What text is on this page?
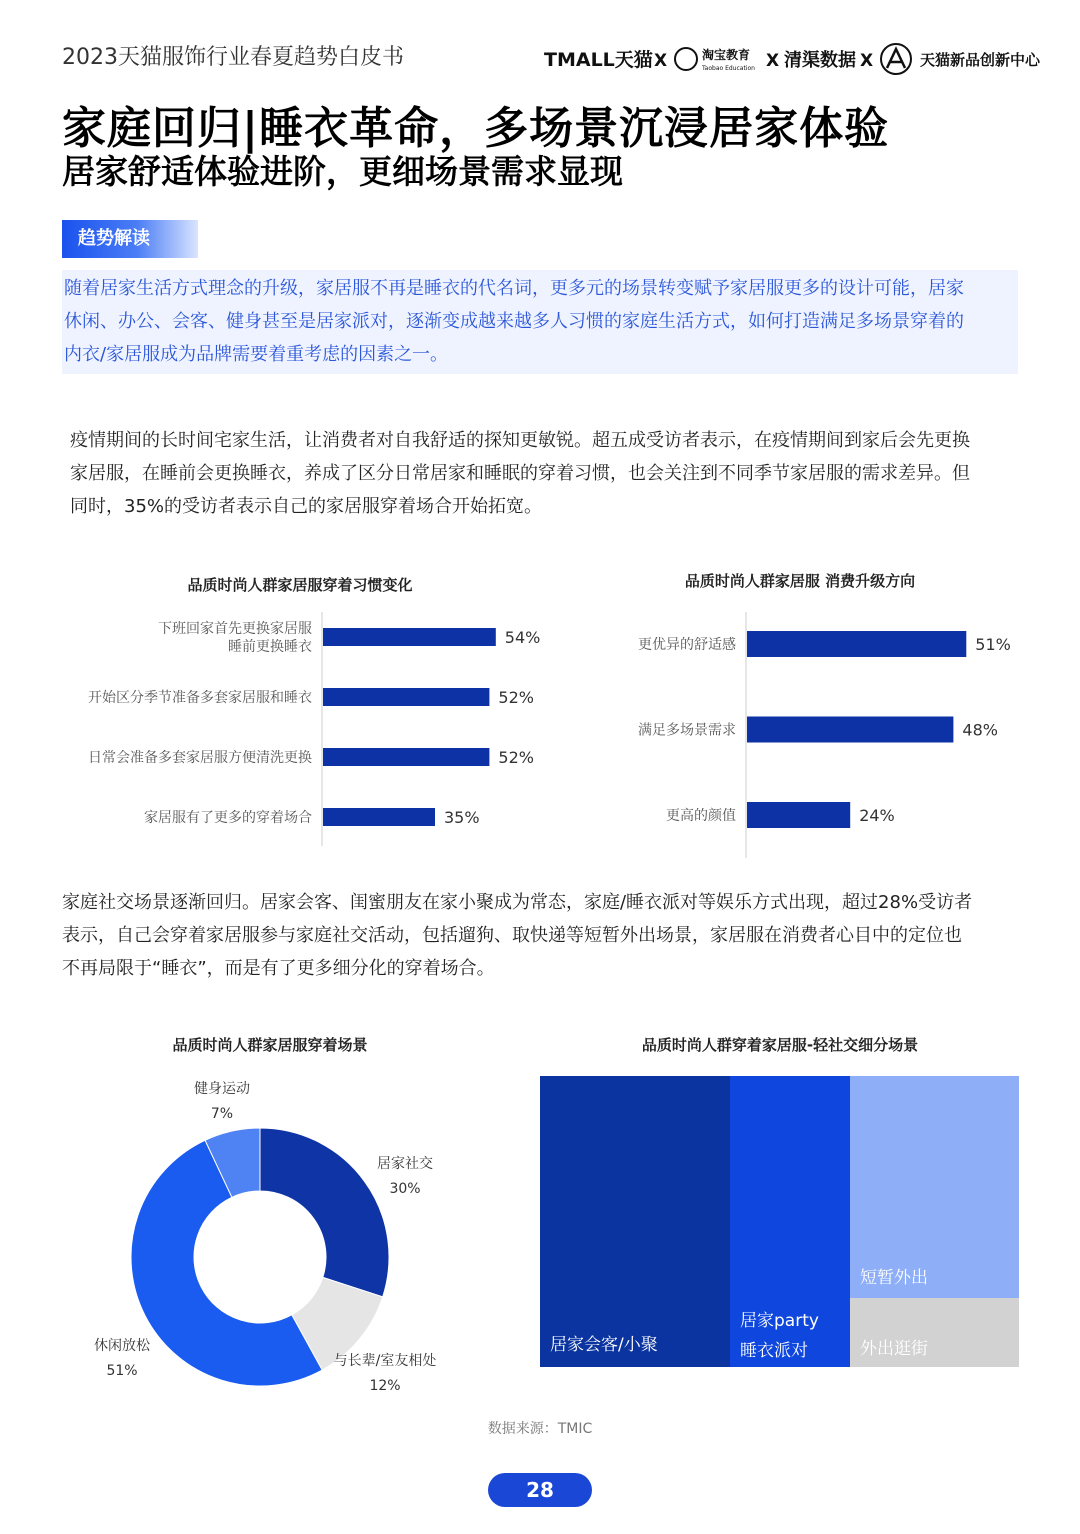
2023天猫服饰行业春夏趋势白皮书	TMALL天猫 X	淘宝教育
Taobao Education X 清渠数据 X	天猫新品创新中心
家庭回归|睡衣革命，多场景沉浸居家体验
居家舒适体验进阶，更细场景需求显现
趋势解读
随着居家生活方式理念的升级，家居服不再是睡衣的代名词，更多元的场景转变赋予家居服更多的设计可能，居家
休闲、办公、会客、健身甚至是居家派对，逐渐变成越来越多人习惯的家庭生活方式，如何打造满足多场景穿着的
内衣/家居服成为品牌需要着重考虑的因素之一。
疫情期间的长时间宅家生活，让消费者对自我舒适的探知更敏锐。超五成受访者表示，在疫情期间到家后会先更换
家居服，在睡前会更换睡衣，养成了区分日常居家和睡眠的穿着习惯，也会关注到不同季节家居服的需求差异。但
同时，35%的受访者表示自己的家居服穿着场合开始拓宽。
品质时尚人群家居服穿着习惯变化	品质时尚人群家居服 消费升级方向
54%
下班回家首先更换家居服
睡前更换睡衣
52%
开始区分季节准备多套家居服和睡衣
52%
日常会准备多套家居服方便清洗更换
35%
家居服有了更多的穿着场合
51%
更优异的舒适感
48%
满足多场景需求
24%
更高的颜值
家庭社交场景逐渐回归。居家会客、闺蜜朋友在家小聚成为常态，家庭/睡衣派对等娱乐方式出现，超过28%受访者
表示，自己会穿着家居服参与家庭社交活动，包括遛狗、取快递等短暂外出场景，家居服在消费者心目中的定位也
不再局限于“睡衣”，而是有了更多细分化的穿着场合。
品质时尚人群家居服穿着场景	品质时尚人群穿着家居服-轻社交细分场景
居家社交
30%
与长辈/室友相处
12%
休闲放松
51%
健身运动
7%
居家会客/小聚
居家party
睡衣派对
短暂外出
外出逛街
数据来源：TMIC
28
